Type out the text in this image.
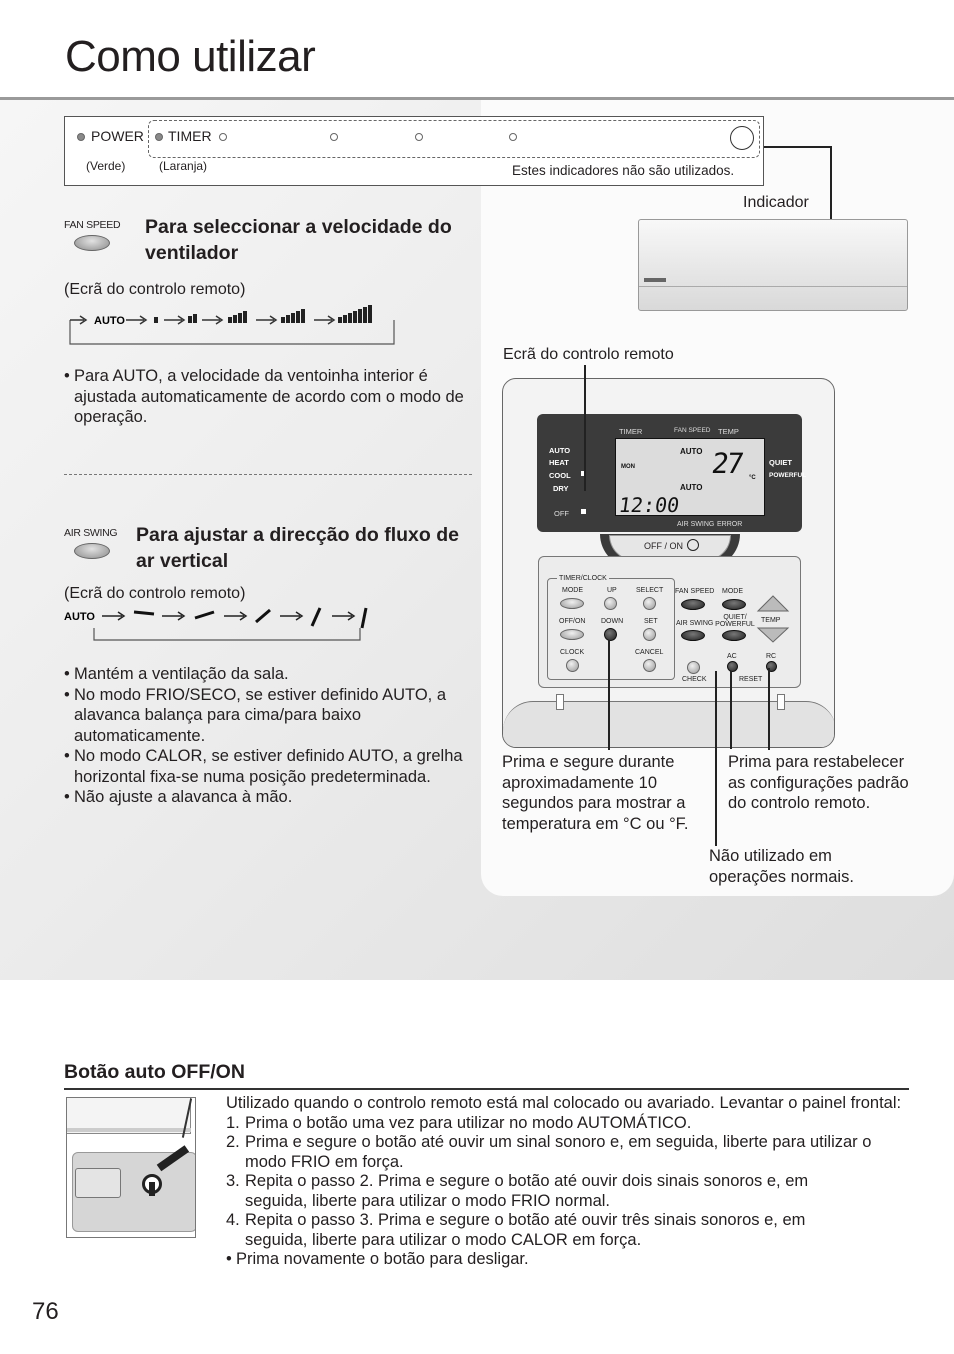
Como utilizar
POWER TIMER
(Verde)	(Laranja)	Estes indicadores não são utilizados.
Indicador
FAN SPEED Para seleccionar a velocidade do ventilador
(Ecrã do controlo remoto)
AUTO
• Para AUTO, a velocidade da ventoinha interior é ajustada automaticamente de acordo com o modo de operação.
AIR SWING Para ajustar a direcção do fluxo de ar vertical
(Ecrã do controlo remoto)
AUTO
• Mantém a ventilação da sala.
• No modo FRIO/SECO, se estiver definido AUTO, a alavanca balança para cima/para baixo automaticamente.
• No modo CALOR, se estiver definido AUTO, a grelha horizontal fixa-se numa posição predeterminada.
• Não ajuste a alavanca à mão.
Ecrã do controlo remoto
TIMER	FAN SPEED TEMP
AUTO
HEAT
COOL
DRY
OFF
QUIET
POWERFUL
AIR SWING ERROR
MON
AUTO
AUTO
27 °C
12:00
OFF / ON
TIMER/CLOCK
MODE	UP	SELECT
OFF/ON DOWN	SET
CLOCK	CANCEL
FAN SPEED MODE
AIR SWING
QUIET/ POWERFUL
TEMP
AC	RC
CHECK	RESET
Prima e segure durante aproximadamente 10 segundos para mostrar a temperatura em °C ou °F.
Prima para restabelecer as configurações padrão do controlo remoto.
Não utilizado em operações normais.
Botão auto OFF/ON
Utilizado quando o controlo remoto está mal colocado ou avariado. Levantar o painel frontal:
1. Prima o botão uma vez para utilizar no modo AUTOMÁTICO.
2. Prima e segure o botão até ouvir um sinal sonoro e, em seguida, liberte para utilizar o modo FRIO em força.
3. Repita o passo 2. Prima e segure o botão até ouvir dois sinais sonoros e, em seguida, liberte para utilizar o modo FRIO normal.
4. Repita o passo 3. Prima e segure o botão até ouvir três sinais sonoros e, em seguida, liberte para utilizar o modo CALOR em força.
• Prima novamente o botão para desligar.
76
